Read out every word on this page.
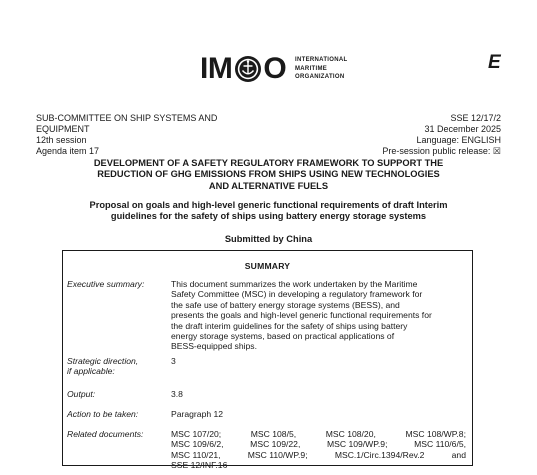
I M O INTERNATIONAL
MARITIME
ORGANIZATION
E
SUB-COMMITTEE ON SHIP SYSTEMS AND
EQUIPMENT
12th session
Agenda item 17
SSE 12/17/2
31 December 2025
Language: ENGLISH
Pre-session public release: ☒
DEVELOPMENT OF A SAFETY REGULATORY FRAMEWORK TO SUPPORT THE
REDUCTION OF GHG EMISSIONS FROM SHIPS USING NEW TECHNOLOGIES
AND ALTERNATIVE FUELS
Proposal on goals and high-level generic functional requirements of draft Interim
guidelines for the safety of ships using battery energy storage systems
Submitted by China
SUMMARY
Executive summary:	This document summarizes the work undertaken by the Maritime
Safety Committee (MSC) in developing a regulatory framework for
the safe use of battery energy storage systems (BESS), and
presents the goals and high-level generic functional requirements for
the draft interim guidelines for the safety of ships using battery
energy storage systems, based on practical applications of
BESS-equipped ships.
Strategic direction,
if applicable:
3
Output:	3.8
Action to be taken:	Paragraph 12
Related documents:	MSC 107/20;	MSC 108/5,	MSC 108/20,	MSC 108/WP.8;
MSC 109/6/2,	MSC 109/22,	MSC 109/WP.9;	MSC 110/6/5,
MSC 110/21,	MSC 110/WP.9;	MSC.1/Circ.1394/Rev.2	and
SSE 12/INF.16
